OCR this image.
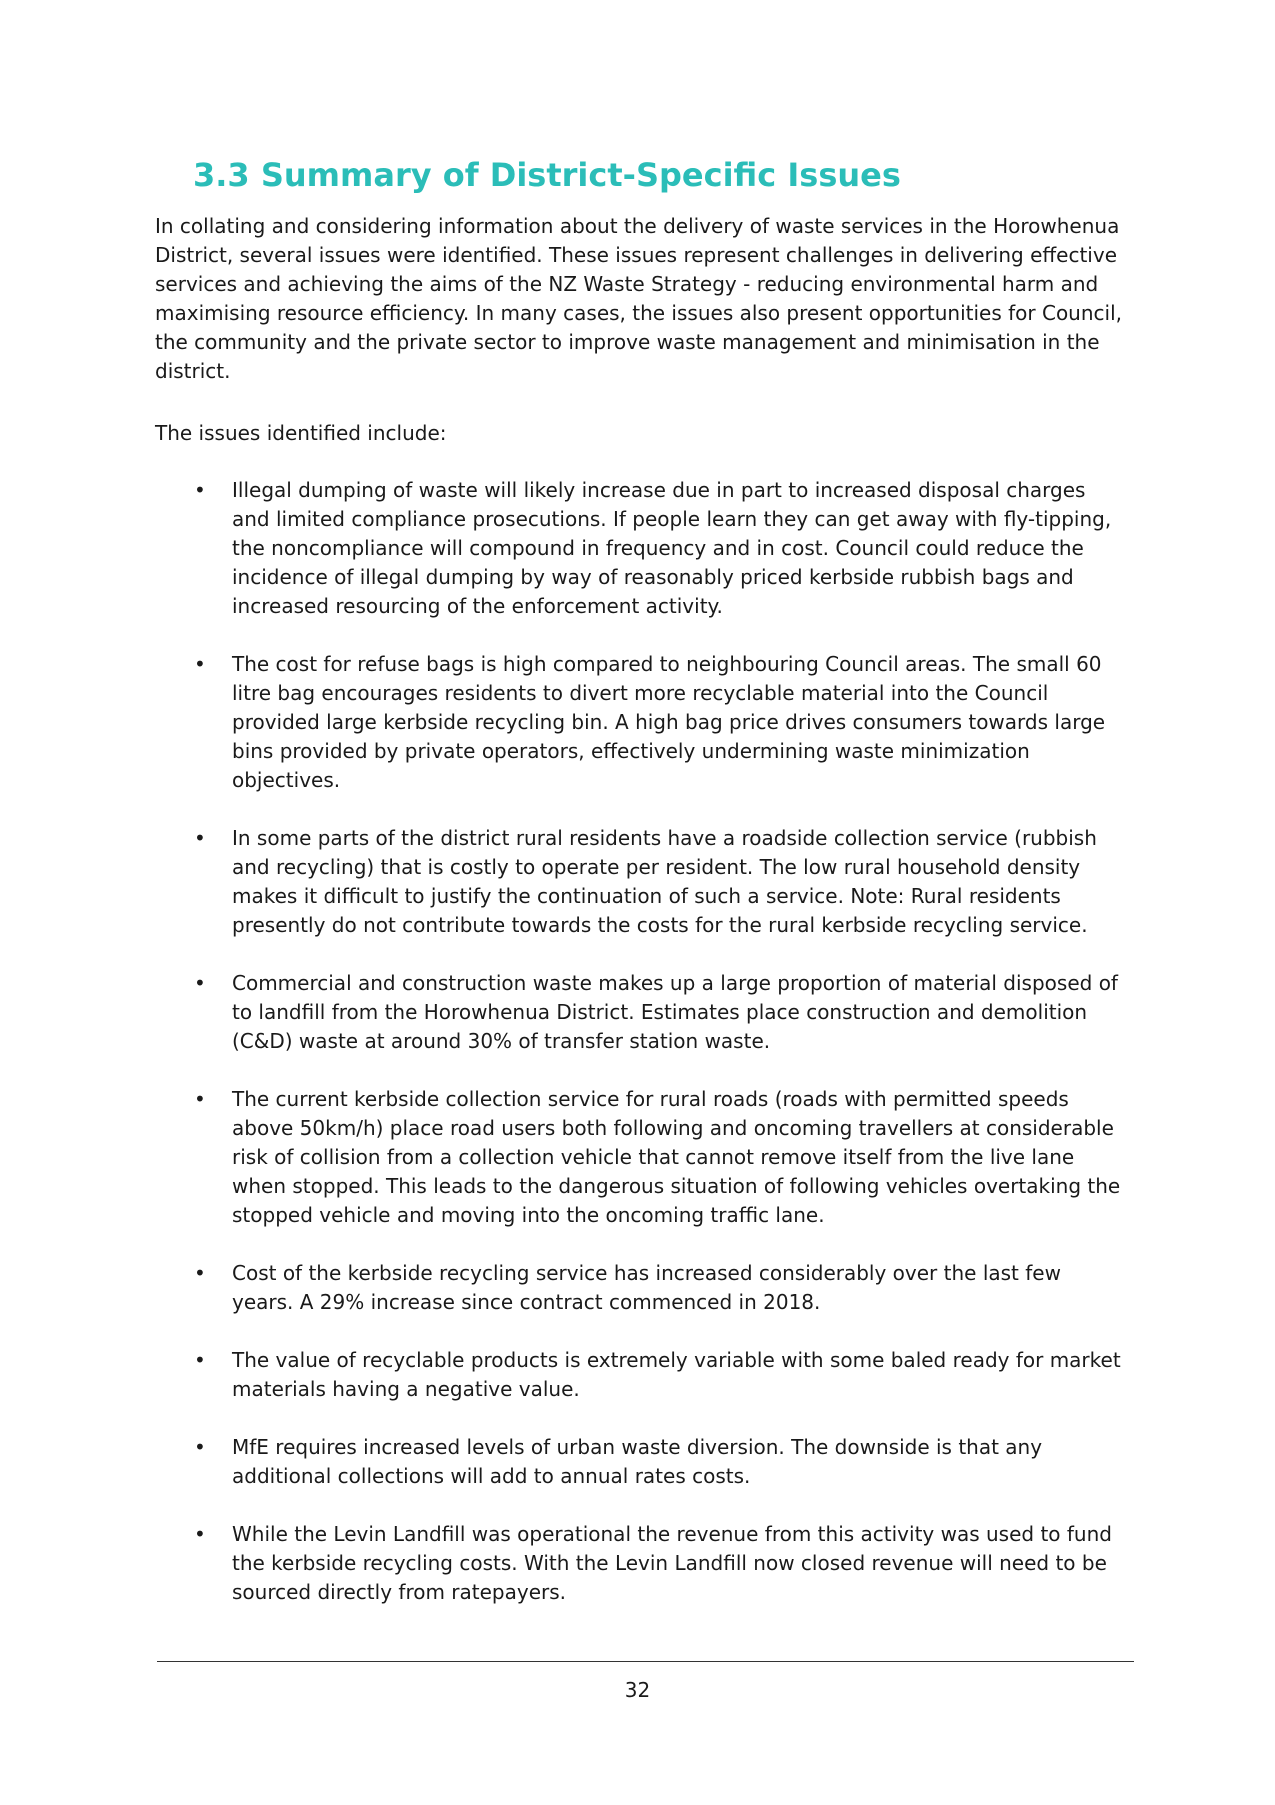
3.3 Summary of District-Specific Issues

In collating and considering information about the delivery of waste services in the Horowhenua District, several issues were identified. These issues represent challenges in delivering effective services and achieving the aims of the NZ Waste Strategy - reducing environmental harm and maximising resource efficiency. In many cases, the issues also present opportunities for Council, the community and the private sector to improve waste management and minimisation in the district.

The issues identified include:

• Illegal dumping of waste will likely increase due in part to increased disposal charges and limited compliance prosecutions. If people learn they can get away with fly-tipping, the noncompliance will compound in frequency and in cost. Council could reduce the incidence of illegal dumping by way of reasonably priced kerbside rubbish bags and increased resourcing of the enforcement activity.
• The cost for refuse bags is high compared to neighbouring Council areas. The small 60 litre bag encourages residents to divert more recyclable material into the Council provided large kerbside recycling bin. A high bag price drives consumers towards large bins provided by private operators, effectively undermining waste minimization objectives.
• In some parts of the district rural residents have a roadside collection service (rubbish and recycling) that is costly to operate per resident. The low rural household density makes it difficult to justify the continuation of such a service. Note: Rural residents presently do not contribute towards the costs for the rural kerbside recycling service.
• Commercial and construction waste makes up a large proportion of material disposed of to landfill from the Horowhenua District. Estimates place construction and demolition (C&D) waste at around 30% of transfer station waste.
• The current kerbside collection service for rural roads (roads with permitted speeds above 50km/h) place road users both following and oncoming travellers at considerable risk of collision from a collection vehicle that cannot remove itself from the live lane when stopped. This leads to the dangerous situation of following vehicles overtaking the stopped vehicle and moving into the oncoming traffic lane.
• Cost of the kerbside recycling service has increased considerably over the last few years. A 29% increase since contract commenced in 2018.
• The value of recyclable products is extremely variable with some baled ready for market materials having a negative value.
• MfE requires increased levels of urban waste diversion. The downside is that any additional collections will add to annual rates costs.
• While the Levin Landfill was operational the revenue from this activity was used to fund the kerbside recycling costs. With the Levin Landfill now closed revenue will need to be sourced directly from ratepayers.
32
